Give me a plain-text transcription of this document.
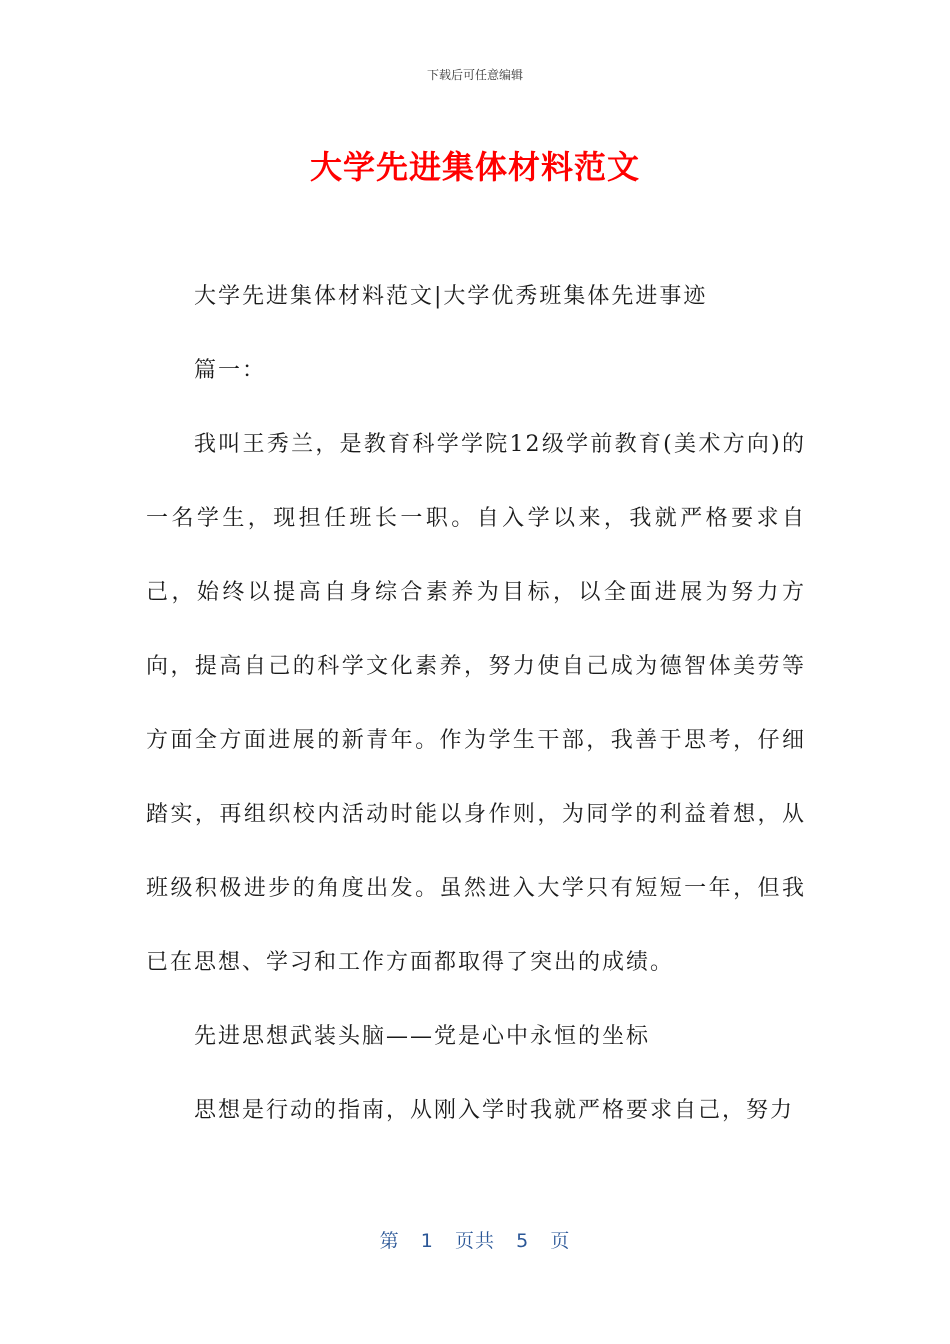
下载后可任意编辑
大学先进集体材料范文

大学先进集体材料范文|大学优秀班集体先进事迹

篇一：

我叫王秀兰，是教育科学学院12级学前教育(美术方向)的一名学生，现担任班长一职。自入学以来，我就严格要求自己，始终以提高自身综合素养为目标，以全面进展为努力方向，提高自己的科学文化素养，努力使自己成为德智体美劳等方面全方面进展的新青年。作为学生干部，我善于思考，仔细踏实，再组织校内活动时能以身作则，为同学的利益着想，从班级积极进步的角度出发。虽然进入大学只有短短一年，但我已在思想、学习和工作方面都取得了突出的成绩。

先进思想武装头脑——党是心中永恒的坐标

思想是行动的指南，从刚入学时我就严格要求自己，努力

第 1 页共 5 页
